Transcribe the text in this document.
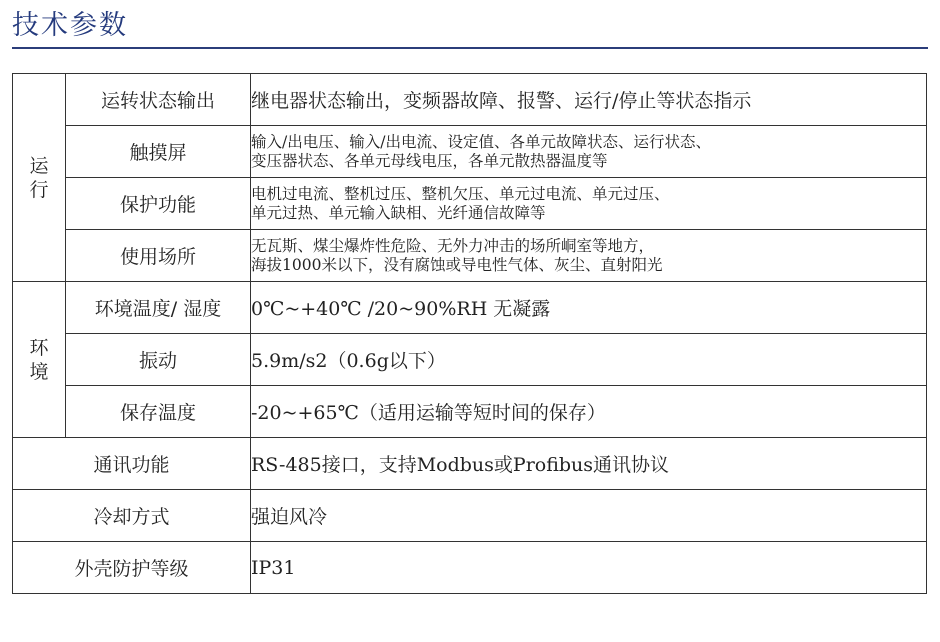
技术参数
运行	运转状态输出	继电器状态输出，变频器故障、报警、运行/停止等状态指示
	触摸屏	输入/出电压、输入/出电流、设定值、各单元故障状态、运行状态、
变压器状态、各单元母线电压，各单元散热器温度等

	保护功能	电机过电流、整机过压、整机欠压、单元过电流、单元过压、
单元过热、单元输入缺相、光纤通信故障等

	使用场所	无瓦斯、煤尘爆炸性危险、无外力冲击的场所峒室等地方，
海拔1000米以下，没有腐蚀或导电性气体、灰尘、直射阳光

环境	环境温度/ 湿度	0℃~+40℃ /20~90%RH 无凝露
	振动	5.9m/s2（0.6g以下）
	保存温度	-20~+65℃（适用运输等短时间的保存）
通讯功能		RS-485接口，支持Modbus或Profibus通讯协议
冷却方式		强迫风冷
外壳防护等级		IP31
